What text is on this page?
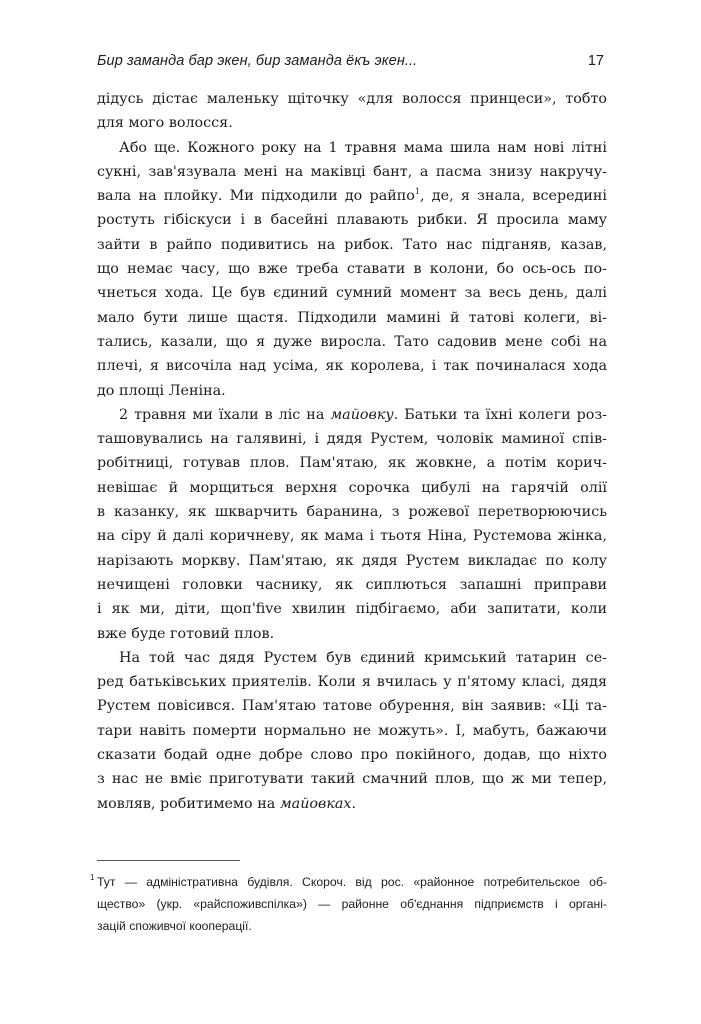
Бир заманда бар экен, бир заманда ёкъ экен...	17
дідусь дістає маленьку щіточку «для волосся принцеси», тобто
для мого волосся.
Або ще. Кожного року на 1 травня мама шила нам нові літні
сукні, зав'язувала мені на маківці бант, а пасма знизу накручу-
вала на плойку. Ми підходили до райпо$^1$, де, я знала, всередині
ростуть гібіскуси і в басейні плавають рибки. Я просила маму
зайти в райпо подивитись на рибок. Тато нас підганяв, казав,
що немає часу, що вже треба ставати в колони, бо ось-ось по-
чнеться хода. Це був єдиний сумний момент за весь день, далі
мало бути лише щастя. Підходили мамині й татові колеги, ві-
тались, казали, що я дуже виросла. Тато садовив мене собі на
плечі, я височіла над усіма, як королева, і так починалася хода
до площі Леніна.
2 травня ми їхали в ліс на майовку. Батьки та їхні колеги роз-
ташовувались на галявині, і дядя Рустем, чоловік маминої спів-
робітниці, готував плов. Пам'ятаю, як жовкне, а потім корич-
невішає й морщиться верхня сорочка цибулі на гарячій олії
в казанку, як шкварчить баранина, з рожевої перетворюючись
на сіру й далі коричневу, як мама і тьотя Ніна, Рустемова жінка,
нарізають моркву. Пам'ятаю, як дядя Рустем викладає по колу
нечищені головки часнику, як сиплються запашні приправи
і як ми, діти, щоп'five хвилин підбігаємо, аби запитати, коли
вже буде готовий плов.
На той час дядя Рустем був єдиний кримський татарин се-
ред батьківських приятелів. Коли я вчилась у п'ятому класі, дядя
Рустем повісився. Пам'ятаю татове обурення, він заявив: «Ці та-
тари навіть померти нормально не можуть». І, мабуть, бажаючи
сказати бодай одне добре слово про покійного, додав, що ніхто
з нас не вміє приготувати такий смачний плов, що ж ми тепер,
мовляв, робитимемо на майовках.
1 Тут — адміністративна будівля. Скороч. від рос. «районное потребительское об-
щество» (укр. «райспоживспілка») — районне об'єднання підприємств і органі-
зацій споживчої кооперації.
